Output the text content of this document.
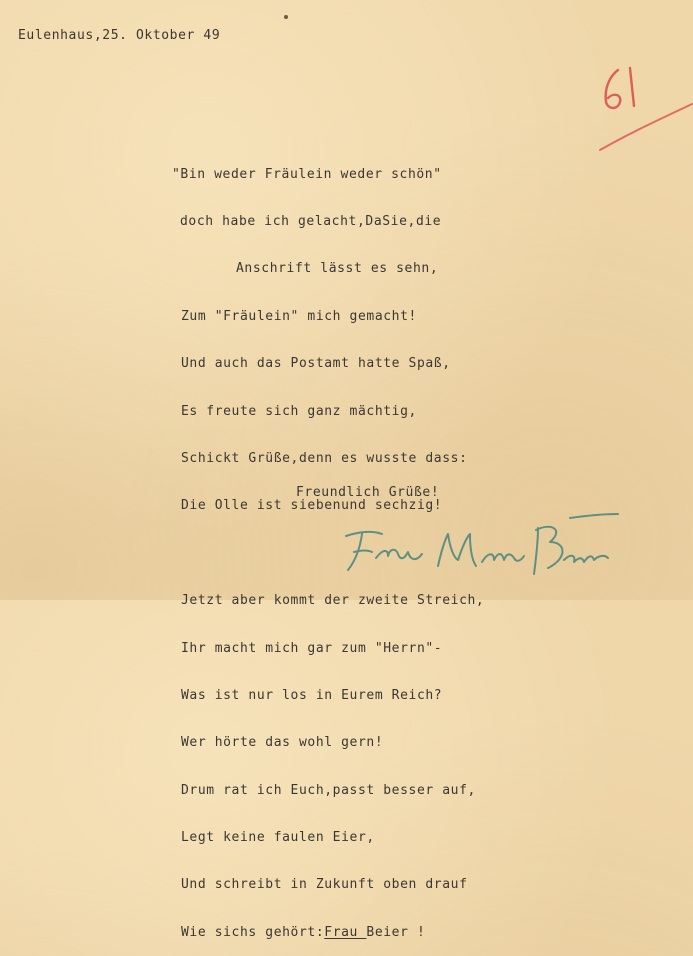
Eulenhaus,25. Oktober 49

"Bin weder Fräulein weder schön"

doch habe ich gelacht,DaSie,die

Anschrift lässt es sehn,

Zum "Fräulein" mich gemacht!

Und auch das Postamt hatte Spaß,

Es freute sich ganz mächtig,

Schickt Grüße,denn es wusste dass:

Die Olle ist siebenund sechzig!

Jetzt aber kommt der zweite Streich,

Ihr macht mich gar zum "Herrn"-

Was ist nur los in Eurem Reich?

Wer hörte das wohl gern!

Drum rat ich Euch,passt besser auf,

Legt keine faulen Eier,

Und schreibt in Zukunft oben drauf

Wie sichs gehört:Frau Beier !

Freundlich Grüße!
